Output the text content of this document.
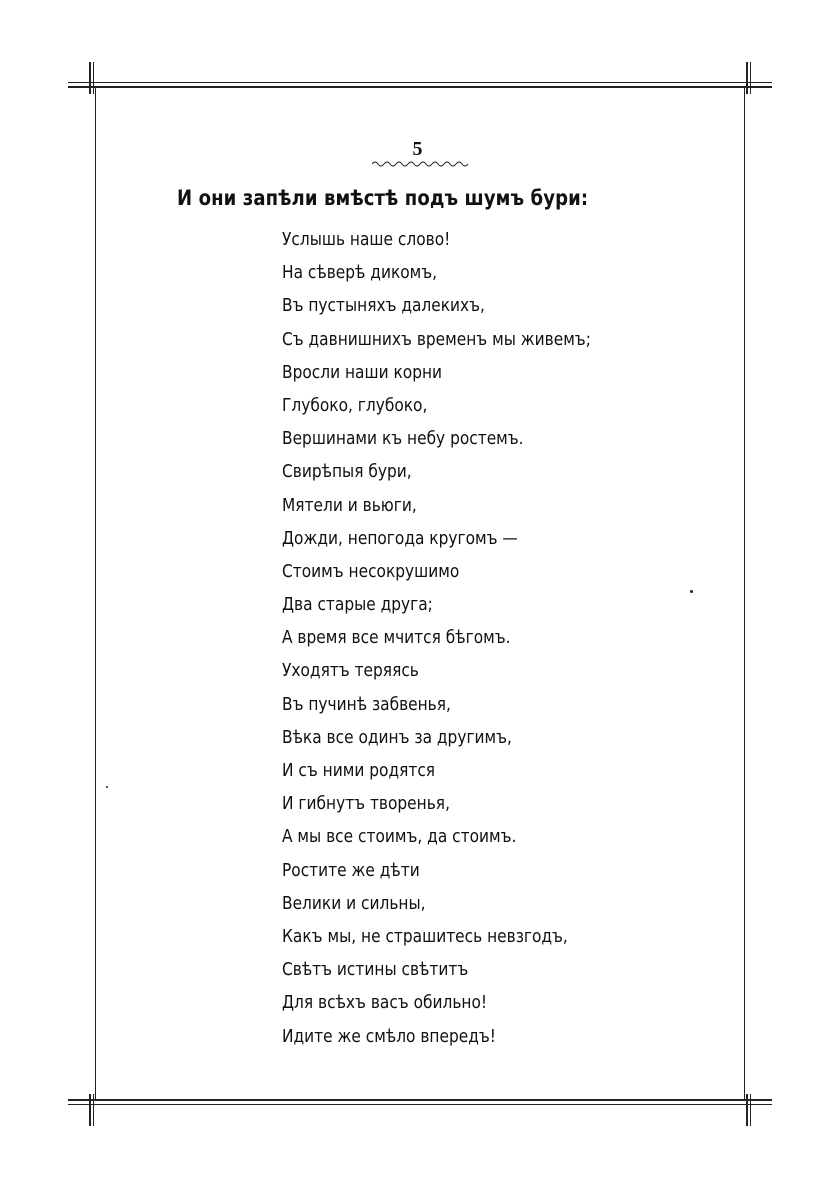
5
И они запѣли вмѣстѣ подъ шумъ бури:
Услышь наше слово!
На сѣверѣ дикомъ,
Въ пустыняхъ далекихъ,
Съ давнишнихъ временъ мы живемъ;
Вросли наши корни
Глубоко, глубоко,
Вершинами къ небу ростемъ.
Свирѣпыя бури,
Мятели и вьюги,
Дожди, непогода кругомъ —
Стоимъ несокрушимо
Два старые друга;
А время все мчится бѣгомъ.
Уходятъ теряясь
Въ пучинѣ забвенья,
Вѣка все одинъ за другимъ,
И съ ними родятся
И гибнутъ творенья,
А мы все стоимъ, да стоимъ.
Ростите же дѣти
Велики и сильны,
Какъ мы, не страшитесь невзгодъ,
Свѣтъ истины свѣтитъ
Для всѣхъ васъ обильно!
Идите же смѣло впередъ!
